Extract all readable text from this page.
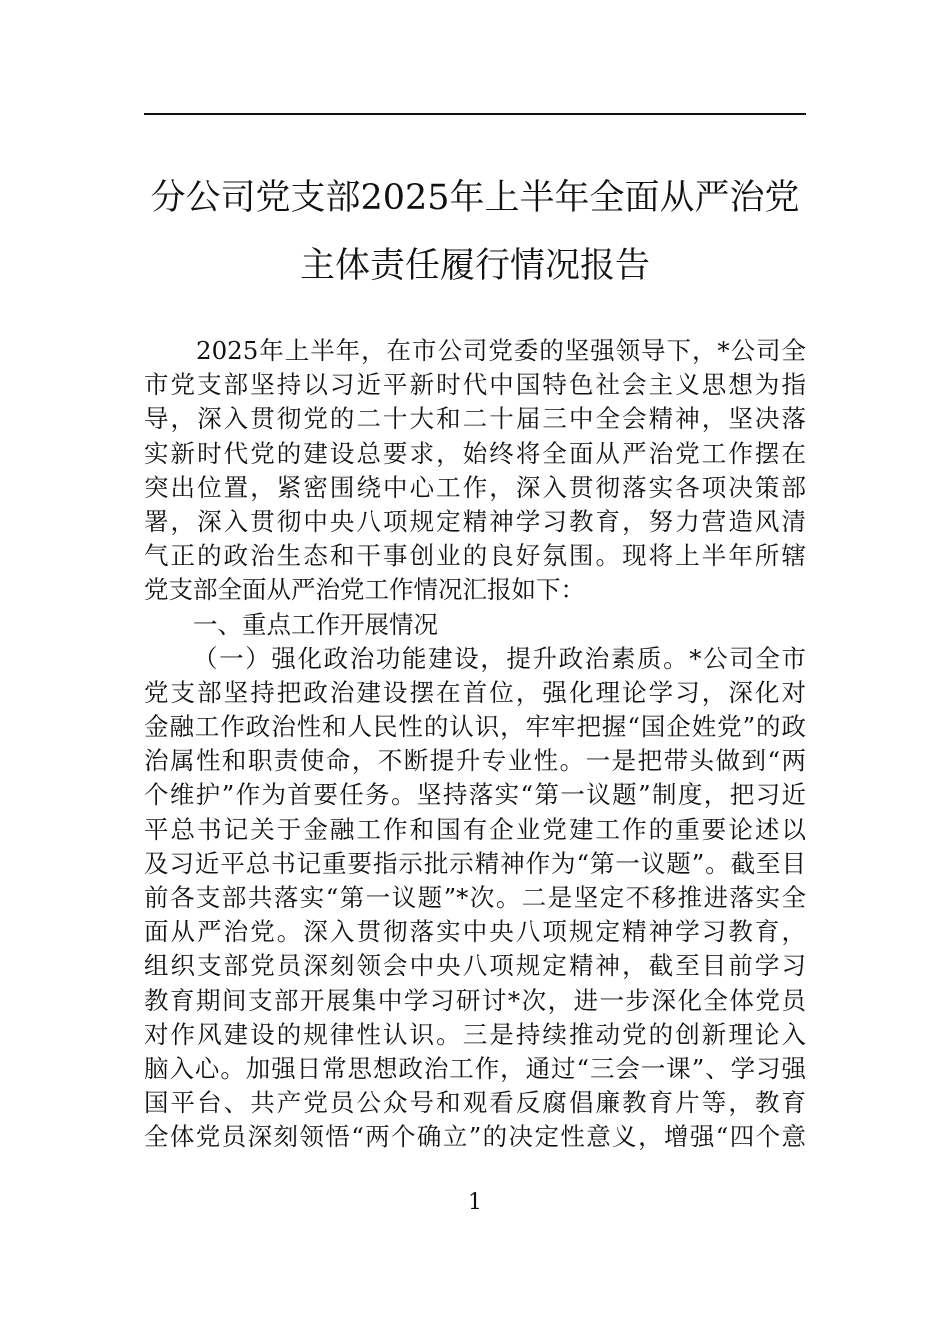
分公司党支部2025年上半年全面从严治党
主体责任履行情况报告
2025年上半年，在市公司党委的坚强领导下，*公司全
市党支部坚持以习近平新时代中国特色社会主义思想为指
导，深入贯彻党的二十大和二十届三中全会精神，坚决落
实新时代党的建设总要求，始终将全面从严治党工作摆在
突出位置，紧密围绕中心工作，深入贯彻落实各项决策部
署，深入贯彻中央八项规定精神学习教育，努力营造风清
气正的政治生态和干事创业的良好氛围。现将上半年所辖
党支部全面从严治党工作情况汇报如下：
一、重点工作开展情况
（一）强化政治功能建设，提升政治素质。*公司全市
党支部坚持把政治建设摆在首位，强化理论学习，深化对
金融工作政治性和人民性的认识，牢牢把握“国企姓党”的政
治属性和职责使命，不断提升专业性。一是把带头做到“两
个维护”作为首要任务。坚持落实“第一议题”制度，把习近
平总书记关于金融工作和国有企业党建工作的重要论述以
及习近平总书记重要指示批示精神作为“第一议题”。截至目
前各支部共落实“第一议题”*次。二是坚定不移推进落实全
面从严治党。深入贯彻落实中央八项规定精神学习教育，
组织支部党员深刻领会中央八项规定精神，截至目前学习
教育期间支部开展集中学习研讨*次，进一步深化全体党员
对作风建设的规律性认识。三是持续推动党的创新理论入
脑入心。加强日常思想政治工作，通过“三会一课”、学习强
国平台、共产党员公众号和观看反腐倡廉教育片等，教育
全体党员深刻领悟“两个确立”的决定性意义，增强“四个意
1
